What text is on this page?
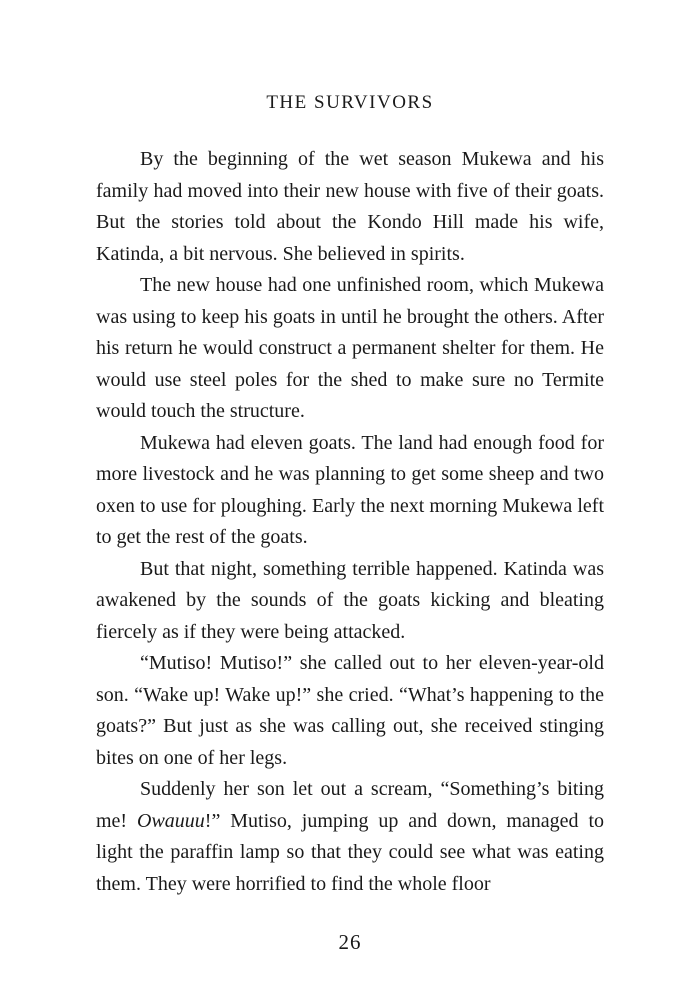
THE SURVIVORS

By the beginning of the wet season Mukewa and his family had moved into their new house with five of their goats. But the stories told about the Kondo Hill made his wife, Katinda, a bit nervous. She believed in spirits.

The new house had one unfinished room, which Mukewa was using to keep his goats in until he brought the others. After his return he would construct a permanent shelter for them. He would use steel poles for the shed to make sure no Termite would touch the structure.

Mukewa had eleven goats. The land had enough food for more livestock and he was planning to get some sheep and two oxen to use for ploughing. Early the next morning Mukewa left to get the rest of the goats.

But that night, something terrible happened. Katinda was awakened by the sounds of the goats kicking and bleating fiercely as if they were being attacked.

“Mutiso! Mutiso!” she called out to her eleven-year-old son. “Wake up! Wake up!” she cried. “What’s happening to the goats?” But just as she was calling out, she received stinging bites on one of her legs.

Suddenly her son let out a scream, “Something’s biting me! Owauuu!” Mutiso, jumping up and down, managed to light the paraffin lamp so that they could see what was eating them. They were horrified to find the whole floor

26
